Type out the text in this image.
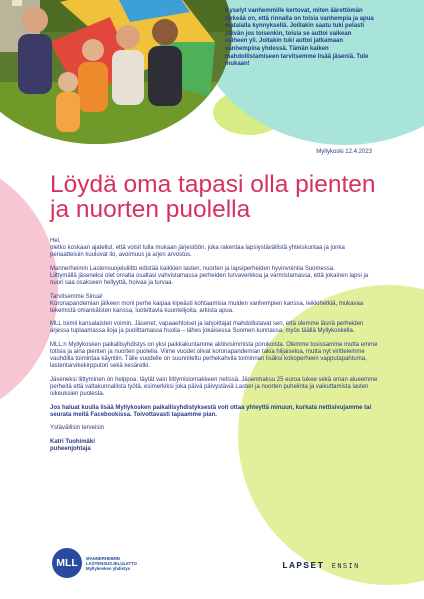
Kyselyt vanhemmille kertovat, miten äärettömän tärkeää on, että rinnalla on toisia vanhempia ja apua matalalla kynnyksellä. Joillakin saatu tuki pelasti päivän jos toisenkin, toisia se auttoi vaikean vaiheen yli. Joitakin tuki auttoi jatkamaan vanhempina yhdessä. Tämän kaiken mahdollistamiseen tarvitsemme lisää jäseniä. Tule mukaan!
Myllykoski 12.4.2023
Löydä oma tapasi olla pienten ja nuorten puolella

Hei,
oletko koskaan ajatellut, että voisit tulla mukaan järjestöön, joka rakentaa lapsiystävällistä yhteiskuntaa ja jonka periaatteisiin kuuluvat ilo, avoimuus ja arjen arvostus.

Mannerheimin Lastensuojeluliitto edistää kaikkien lasten, nuorten ja lapsiperheiden hyvinvointia Suomessa.
Liittymällä jäseneksi olet omalta osaltasi vahvistamassa perheiden turvaverkkoa ja varmistamassa, että jokainen lapsi ja nuori saa osakseen hellyyttä, hoivaa ja turvaa.

Tarvitsemme Sinua!
Koronapandemian jälkeen moni perhe kaipaa kipeästi kohtaamisia muiden vanhempien kanssa, leikkihetkiä, mukavaa tekemistä omankäisten kanssa, luotettavia kuuntelijoita, arkista apua.

MLL toimii kansalaisten voimin. Jäsenet, vapaaehtoiset ja lahjoittajat mahdollistavat sen, että olemme läsnä perheiden arjessa tuplaamassa iloja ja puolittamassa huolia – lähes jokaisessa Suomen kunnassa, myös täällä Myllykoskella.

MLL:n Myllykosken paikallisyhdistys on yksi paikkakuntamme aktiivisimmista porukoista. Olemme tosissamme mutta emme totisia ja aina pienten ja nuorten puolella. Viime vuodet olivat koronapandemian takia hiljaiseloa, mutta nyt virittelemme vauhdilla toimintaa käyntiin. Tälle vuodelle on suunniteltu perhekahvila toiminnan lisäksi kokoperheen vapputapahtuma, lastentarvikekirpputori sekä kesäretki.

Jäseneksi liittyminen on helppoa: täytät vain liittymislomakkeen netissä. Jäsenmaksu 25 euroa tukee sekä oman alueemme perheitä että valtakunnallista työtä, esimerkiksi joka päivä päivystäviä Lasten ja nuorten puhelinta ja vaikuttamista lasten oikeuksien puolesta.

Jos haluat kuulla lisää Myllykosken paikallisyhdistyksestä voit ottaa yhteyttä minuun, kurkata nettisivujamme tai seurata meitä Facebookissa. Toivottavasti tapaamme pian.

Ystävällisin terveisin

Katri Tuohimäki
puheenjohtaja
MLL	MANNERHEIMIN
LASTENSUOJELULIITTO
Myllykosken yhdistys	LAPSET ENSIN
